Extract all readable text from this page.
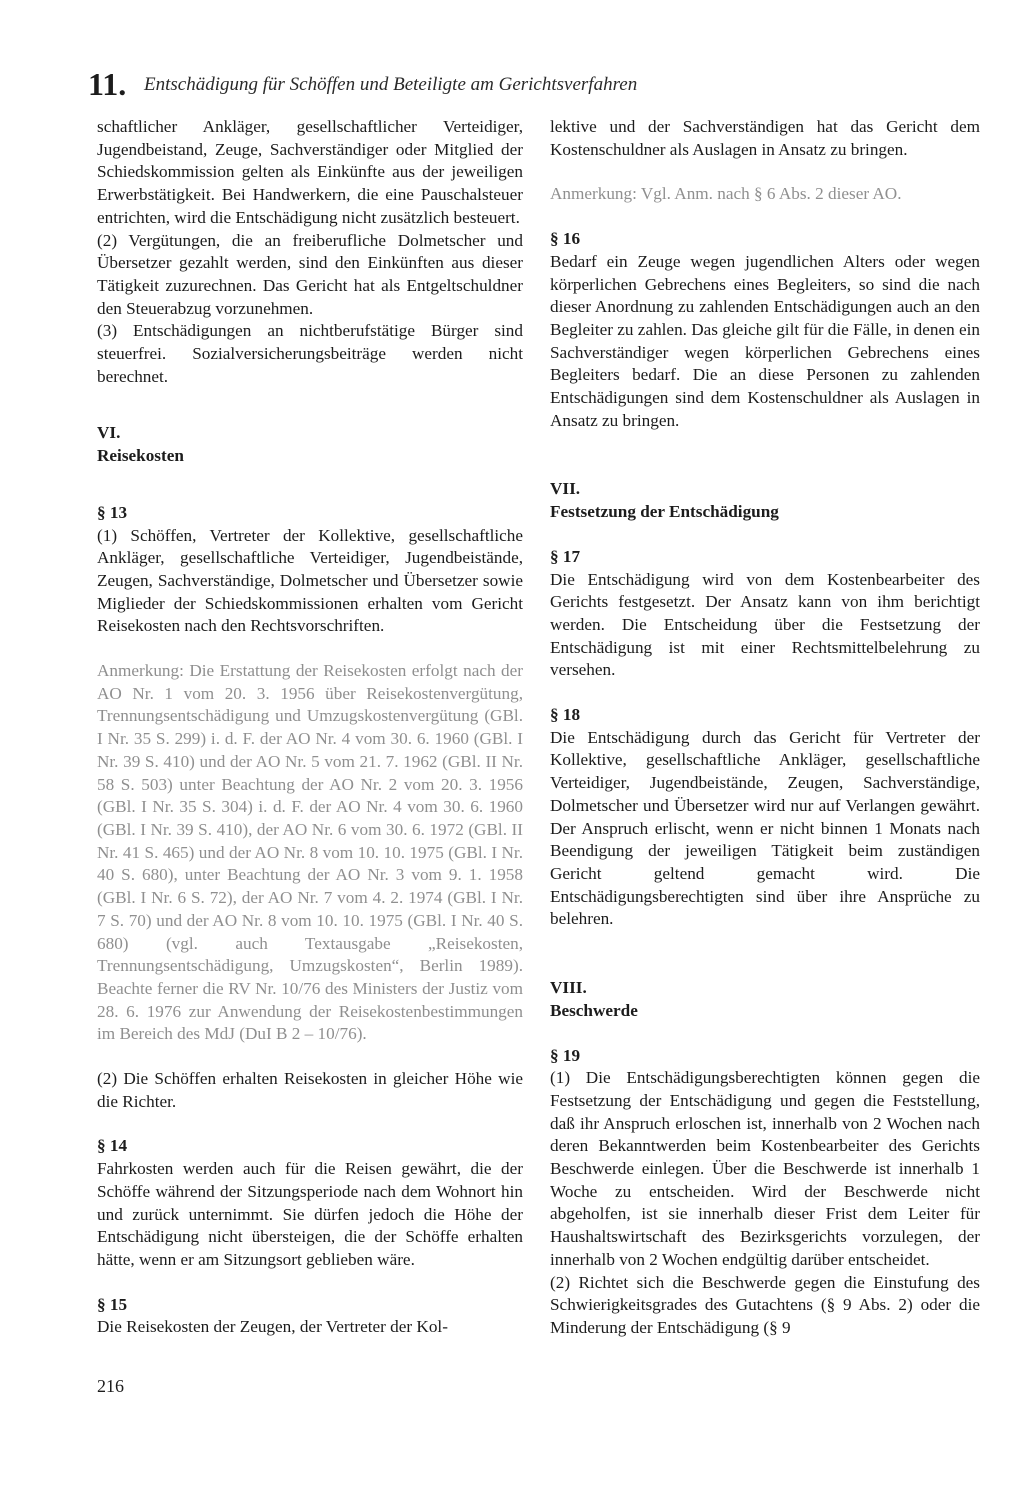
11. Entschädigung für Schöffen und Beteiligte am Gerichtsverfahren

schaftlicher Ankläger, gesellschaftlicher Verteidiger, Jugendbeistand, Zeuge, Sachverständiger oder Mitglied der Schiedskommission gelten als Einkünfte aus der jeweiligen Erwerbstätigkeit. Bei Handwerkern, die eine Pauschalsteuer entrichten, wird die Entschädigung nicht zusätzlich besteuert.

(2) Vergütungen, die an freiberufliche Dolmetscher und Übersetzer gezahlt werden, sind den Einkünften aus dieser Tätigkeit zuzurechnen. Das Gericht hat als Entgeltschuldner den Steuerabzug vorzunehmen.

(3) Entschädigungen an nichtberufstätige Bürger sind steuerfrei. Sozialversicherungsbeiträge werden nicht berechnet.

VI.

Reisekosten

§ 13

(1) Schöffen, Vertreter der Kollektive, gesellschaftliche Ankläger, gesellschaftliche Verteidiger, Jugendbeistände, Zeugen, Sachverständige, Dolmetscher und Übersetzer sowie Miglieder der Schiedskommissionen erhalten vom Gericht Reisekosten nach den Rechtsvorschriften.

Anmerkung: Die Erstattung der Reisekosten erfolgt nach der AO Nr. 1 vom 20. 3. 1956 über Reisekostenvergütung, Trennungsentschädigung und Umzugskostenvergütung (GBl. I Nr. 35 S. 299) i. d. F. der AO Nr. 4 vom 30. 6. 1960 (GBl. I Nr. 39 S. 410) und der AO Nr. 5 vom 21. 7. 1962 (GBl. II Nr. 58 S. 503) unter Beachtung der AO Nr. 2 vom 20. 3. 1956 (GBl. I Nr. 35 S. 304) i. d. F. der AO Nr. 4 vom 30. 6. 1960 (GBl. I Nr. 39 S. 410), der AO Nr. 6 vom 30. 6. 1972 (GBl. II Nr. 41 S. 465) und der AO Nr. 8 vom 10. 10. 1975 (GBl. I Nr. 40 S. 680), unter Beachtung der AO Nr. 3 vom 9. 1. 1958 (GBl. I Nr. 6 S. 72), der AO Nr. 7 vom 4. 2. 1974 (GBl. I Nr. 7 S. 70) und der AO Nr. 8 vom 10. 10. 1975 (GBl. I Nr. 40 S. 680) (vgl. auch Textausgabe „Reisekosten, Trennungsentschädigung, Umzugskosten“, Berlin 1989). Beachte ferner die RV Nr. 10/76 des Ministers der Justiz vom 28. 6. 1976 zur Anwendung der Reisekostenbestimmungen im Bereich des MdJ (DuI B 2 – 10/76).

(2) Die Schöffen erhalten Reisekosten in gleicher Höhe wie die Richter.

§ 14

Fahrkosten werden auch für die Reisen gewährt, die der Schöffe während der Sitzungsperiode nach dem Wohnort hin und zurück unternimmt. Sie dürfen jedoch die Höhe der Entschädigung nicht übersteigen, die der Schöffe erhalten hätte, wenn er am Sitzungsort geblieben wäre.

§ 15

Die Reisekosten der Zeugen, der Vertreter der Kol-

lektive und der Sachverständigen hat das Gericht dem Kostenschuldner als Auslagen in Ansatz zu bringen.

Anmerkung: Vgl. Anm. nach § 6 Abs. 2 dieser AO.

§ 16

Bedarf ein Zeuge wegen jugendlichen Alters oder wegen körperlichen Gebrechens eines Begleiters, so sind die nach dieser Anordnung zu zahlenden Entschädigungen auch an den Begleiter zu zahlen. Das gleiche gilt für die Fälle, in denen ein Sachverständiger wegen körperlichen Gebrechens eines Begleiters bedarf. Die an diese Personen zu zahlenden Entschädigungen sind dem Kostenschuldner als Auslagen in Ansatz zu bringen.

VII.

Festsetzung der Entschädigung

§ 17

Die Entschädigung wird von dem Kostenbearbeiter des Gerichts festgesetzt. Der Ansatz kann von ihm berichtigt werden. Die Entscheidung über die Festsetzung der Entschädigung ist mit einer Rechtsmittelbelehrung zu versehen.

§ 18

Die Entschädigung durch das Gericht für Vertreter der Kollektive, gesellschaftliche Ankläger, gesellschaftliche Verteidiger, Jugendbeistände, Zeugen, Sachverständige, Dolmetscher und Übersetzer wird nur auf Verlangen gewährt. Der Anspruch erlischt, wenn er nicht binnen 1 Monats nach Beendigung der jeweiligen Tätigkeit beim zuständigen Gericht geltend gemacht wird. Die Entschädigungsberechtigten sind über ihre Ansprüche zu belehren.

VIII.

Beschwerde

§ 19

(1) Die Entschädigungsberechtigten können gegen die Festsetzung der Entschädigung und gegen die Feststellung, daß ihr Anspruch erloschen ist, innerhalb von 2 Wochen nach deren Bekanntwerden beim Kostenbearbeiter des Gerichts Beschwerde einlegen. Über die Beschwerde ist innerhalb 1 Woche zu entscheiden. Wird der Beschwerde nicht abgeholfen, ist sie innerhalb dieser Frist dem Leiter für Haushaltswirtschaft des Bezirksgerichts vorzulegen, der innerhalb von 2 Wochen endgültig darüber entscheidet.

(2) Richtet sich die Beschwerde gegen die Einstufung des Schwierigkeitsgrades des Gutachtens (§ 9 Abs. 2) oder die Minderung der Entschädigung (§ 9

216
